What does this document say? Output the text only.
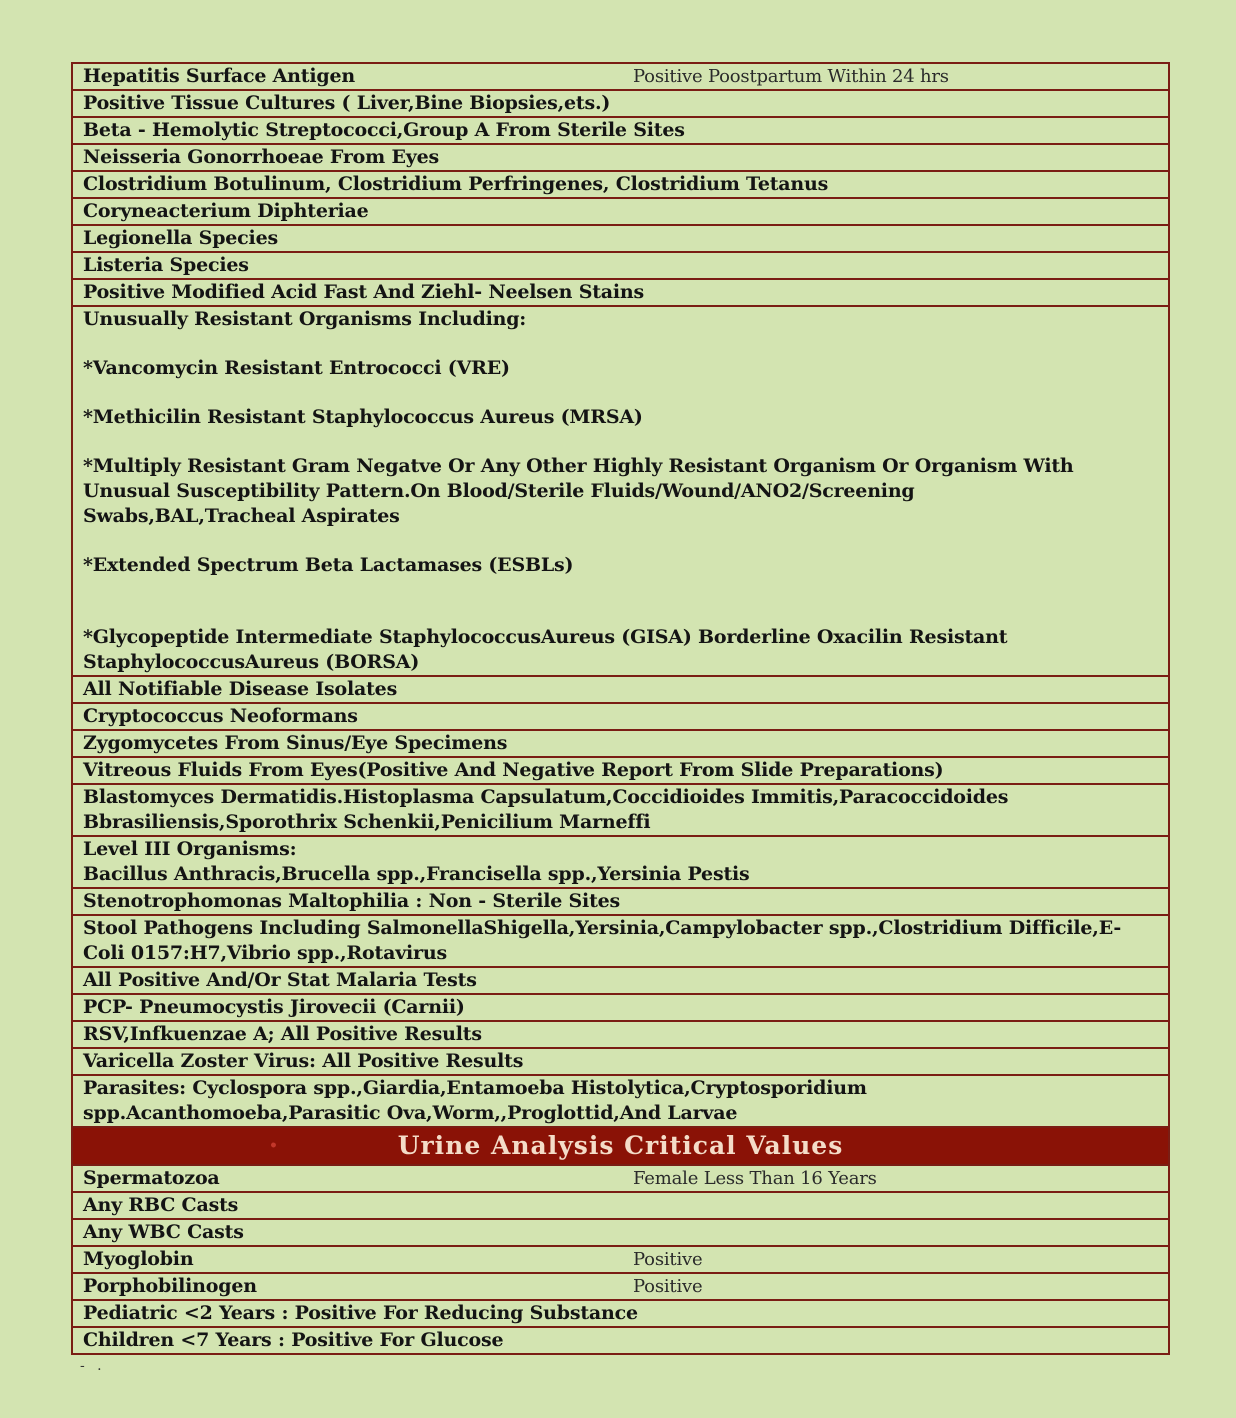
Hepatitis Surface Antigen	Positive Poostpartum Within 24 hrs
Positive Tissue Cultures ( Liver,Bine Biopsies,ets.)
Beta - Hemolytic Streptococci,Group A From Sterile Sites
Neisseria Gonorrhoeae From Eyes
Clostridium Botulinum, Clostridium Perfringenes, Clostridium Tetanus
Coryneacterium Diphteriae
Legionella Species
Listeria Species
Positive Modified Acid Fast And Ziehl- Neelsen Stains
Unusually Resistant Organisms Including:
*Vancomycin Resistant Entrococci (VRE)
*Methicilin Resistant Staphylococcus Aureus (MRSA)
*Multiply Resistant Gram Negatve Or Any Other Highly Resistant Organism Or Organism With
Unusual Susceptibility Pattern.On Blood/Sterile Fluids/Wound/ANO2/Screening
Swabs,BAL,Tracheal Aspirates
*Extended Spectrum Beta Lactamases (ESBLs)
*Glycopeptide Intermediate StaphylococcusAureus (GISA) Borderline Oxacilin Resistant
StaphylococcusAureus (BORSA)
All Notifiable Disease Isolates
Cryptococcus Neoformans
Zygomycetes From Sinus/Eye Specimens
Vitreous Fluids From Eyes(Positive And Negative Report From Slide Preparations)
Blastomyces Dermatidis.Histoplasma Capsulatum,Coccidioides Immitis,Paracoccidoides
Bbrasiliensis,Sporothrix Schenkii,Penicilium Marneffi
Level III Organisms:
Bacillus Anthracis,Brucella spp.,Francisella spp.,Yersinia Pestis
Stenotrophomonas Maltophilia : Non - Sterile Sites
Stool Pathogens Including SalmonellaShigella,Yersinia,Campylobacter spp.,Clostridium Difficile,E-
Coli 0157:H7,Vibrio spp.,Rotavirus
All Positive And/Or Stat Malaria Tests
PCP- Pneumocystis Jirovecii (Carnii)
RSV,Infkuenzae A; All Positive Results
Varicella Zoster Virus: All Positive Results
Parasites: Cyclospora spp.,Giardia,Entamoeba Histolytica,Cryptosporidium
spp.Acanthomoeba,Parasitic Ova,Worm,,Proglottid,And Larvae
•	Urine Analysis Critical Values
Spermatozoa	Female Less Than 16 Years
Any RBC Casts
Any WBC Casts
Myoglobin	Positive
Porphobilinogen	Positive
Pediatric <2 Years : Positive For Reducing Substance
Children <7 Years : Positive For Glucose
- .
